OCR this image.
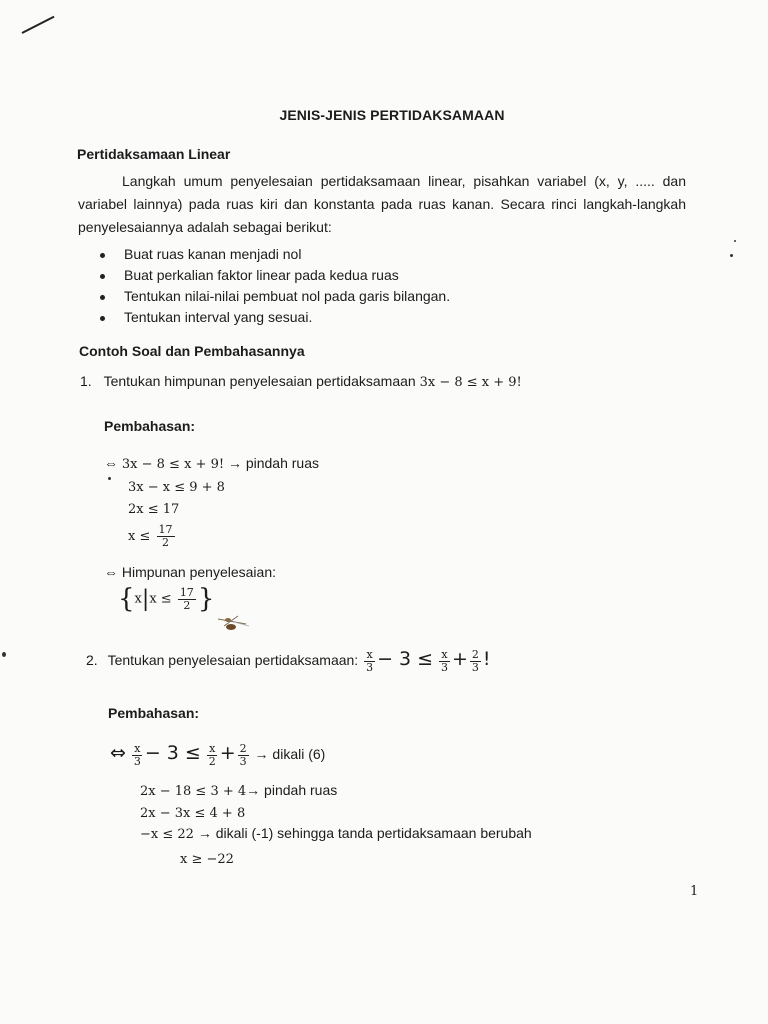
JENIS-JENIS PERTIDAKSAMAAN
Pertidaksamaan Linear
Langkah umum penyelesaian pertidaksamaan linear, pisahkan variabel (x, y, ..... dan variabel lainnya) pada ruas kiri dan konstanta pada ruas kanan. Secara rinci langkah-langkah penyelesaiannya adalah sebagai berikut:
Buat ruas kanan menjadi nol
Buat perkalian faktor linear pada kedua ruas
Tentukan nilai-nilai pembuat nol pada garis bilangan.
Tentukan interval yang sesuai.
Contoh Soal dan Pembahasannya
1. Tentukan himpunan penyelesaian pertidaksamaan 3x − 8 ≤ x + 9!
Pembahasan:
⇔ 3x − 8 ≤ x + 9! → pindah ruas
3x − x ≤ 9 + 8
2x ≤ 17
$x \le \frac{17}{2}$
⇔ Himpunan penyelesaian:
{$x|x \le \frac{17}{2}$ }
2. Tentukan penyelesaian pertidaksamaan: $\frac{x}{3} - 3 \le \frac{x}{3} + \frac{2}{3}$ !
Pembahasan:
⇔ $\frac{x}{3} - 3 \le \frac{x}{2} + \frac{2}{3}$ → dikali (6)
2x − 18 ≤ 3 + 4→ pindah ruas
2x − 3x ≤ 4 + 8
−x ≤ 22 → dikali (-1) sehingga tanda pertidaksamaan berubah
x ≥ −22
1
